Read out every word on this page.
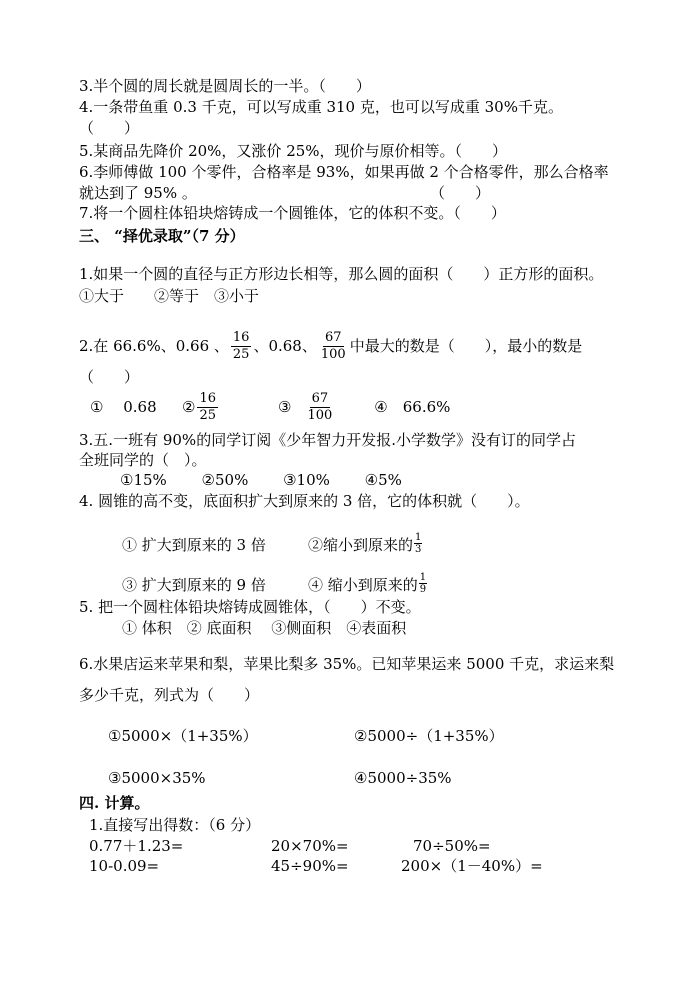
3.半个圆的周长就是圆周长的一半。（　　）
4.一条带鱼重 0.3 千克，可以写成重 310 克，也可以写成重 30%千克。
（　　）
5.某商品先降价 20%，又涨价 25%，现价与原价相等。（　　）
6.李师傅做 100 个零件，合格率是 93%，如果再做 2 个合格零件，那么合格率
就达到了 95% 。	（　　）
7.将一个圆柱体铅块熔铸成一个圆锥体，它的体积不变。（　　）
三、 “择优录取”（7 分）
1.如果一个圆的直径与正方形边长相等，那么圆的面积（　　）正方形的面积。
①大于　　②等于　③小于
2.在 66.6%、0.66 、 $\frac{16}{25}$ 、0.68、 $\frac{67}{100}$ 中最大的数是（　　），最小的数是
（　　）
①　 0.68	② $\frac{16}{25}$	③ $\frac{67}{100}$	④　66.6%
3.五.一班有 90%的同学订阅《少年智力开发报.小学数学》没有订的同学占
全班同学的（　）。
①15%　　 ②50%　　 ③10%　　 ④5%
4. 圆锥的高不变，底面积扩大到原来的 3 倍，它的体积就（　　）。
① 扩大到原来的 3 倍	②缩小到原来的 $\frac{1}{3}$
③ 扩大到原来的 9 倍	④ 缩小到原来的 $\frac{1}{9}$
5. 把一个圆柱体铅块熔铸成圆锥体，（　　）不变。
① 体积　② 底面积　 ③侧面积　④表面积
6.水果店运来苹果和梨，苹果比梨多 35%。已知苹果运来 5000 千克，求运来梨
多少千克，列式为（　　）
①5000×（1+35%）	②5000÷（1+35%）
③5000×35%	④5000÷35%
四. 计算。
1.直接写出得数：（6 分）
0.77＋1.23=	20×70%=	70÷50%=
10-0.09=	45÷90%=	200×（1－40%）=
